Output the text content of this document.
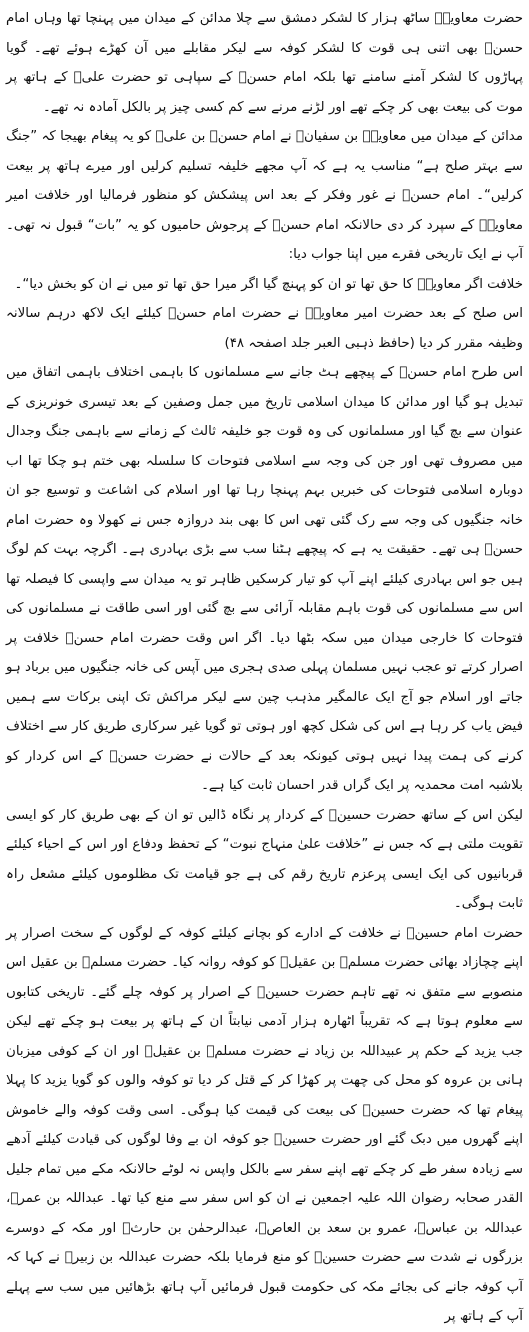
حضرت معاویہؓ ساٹھ ہزار کا لشکر دمشق سے چلا مدائن کے میدان میں پہنچا تھا وہاں امام حسنؓ بھی اتنی ہی قوت کا لشکر کوفہ سے لیکر مقابلے میں آن کھڑے ہوئے تھے۔ گویا پہاڑوں کا لشکر آمنے سامنے تھا بلکہ امام حسنؓ کے سپاہی تو حضرت علیؓ کے ہاتھ پر موت کی بیعت بھی کر چکے تھے اور لڑنے مرنے سے کم کسی چیز پر بالکل آمادہ نہ تھے۔

مدائن کے میدان میں معاویہؓ بن سفیانؓ نے امام حسنؓ بن علیؓ کو یہ پیغام بھیجا کہ ”جنگ سے بہتر صلح ہے“ مناسب یہ ہے کہ آپ مجھے خلیفہ تسلیم کرلیں اور میرے ہاتھ پر بیعت کرلیں“۔ امام حسنؓ نے غور وفکر کے بعد اس پیشکش کو منظور فرمالیا اور خلافت امیر معاویہؓ کے سپرد کر دی حالانکہ امام حسنؓ کے پرجوش حامیوں کو یہ ”بات“ قبول نہ تھی۔ آپ نے ایک تاریخی فقرے میں اپنا جواب دیا:

خلافت اگر معاویہؓ کا حق تھا تو ان کو پہنچ گیا اگر میرا حق تھا تو میں نے ان کو بخش دیا“۔

اس صلح کے بعد حضرت امیر معاویہؓ نے حضرت امام حسنؓ کیلئے ایک لاکھ درہم سالانہ وظیفہ مقرر کر دیا (حافظ ذہبی العبر جلد اصفحہ ۴۸)

اس طرح امام حسنؓ کے پیچھے ہٹ جانے سے مسلمانوں کا باہمی اختلاف باہمی اتفاق میں تبدیل ہو گیا اور مدائن کا میدان اسلامی تاریخ میں جمل وصفین کے بعد تیسری خونریزی کے عنوان سے بچ گیا اور مسلمانوں کی وہ قوت جو خلیفہ ثالث کے زمانے سے باہمی جنگ وجدال میں مصروف تھی اور جن کی وجہ سے اسلامی فتوحات کا سلسلہ بھی ختم ہو چکا تھا اب دوبارہ اسلامی فتوحات کی خبریں بہم پہنچا رہا تھا اور اسلام کی اشاعت و توسیع جو ان خانہ جنگیوں کی وجہ سے رک گئی تھی اس کا بھی بند دروازہ جس نے کھولا وہ حضرت امام حسنؓ ہی تھے۔ حقیقت یہ ہے کہ پیچھے ہٹنا سب سے بڑی بہادری ہے۔ اگرچہ بہت کم لوگ ہیں جو اس بہادری کیلئے اپنے آپ کو تیار کرسکیں ظاہر تو یہ میدان سے واپسی کا فیصلہ تھا اس سے مسلمانوں کی قوت باہم مقابلہ آرائی سے بچ گئی اور اسی طاقت نے مسلمانوں کی فتوحات کا خارجی میدان میں سکہ بٹھا دیا۔ اگر اس وقت حضرت امام حسنؓ خلافت پر اصرار کرتے تو عجب نہیں مسلمان پہلی صدی ہجری میں آپس کی خانہ جنگیوں میں برباد ہو جاتے اور اسلام جو آج ایک عالمگیر مذہب چین سے لیکر مراکش تک اپنی برکات سے ہمیں فیض یاب کر رہا ہے اس کی شکل کچھ اور ہوتی تو گویا غیر سرکاری طریق کار سے اختلاف کرنے کی ہمت پیدا نہیں ہوتی کیونکہ بعد کے حالات نے حضرت حسنؓ کے اس کردار کو بلاشبہ امت محمدیہ پر ایک گراں قدر احسان ثابت کیا ہے۔

لیکن اس کے ساتھ حضرت حسینؓ کے کردار پر نگاہ ڈالیں تو ان کے بھی طریق کار کو ایسی تقویت ملتی ہے کہ جس نے ”خلافت علیٰ منہاج نبوت“ کے تحفظ ودفاع اور اس کے احیاء کیلئے قربانیوں کی ایک ایسی پرعزم تاریخ رقم کی ہے جو قیامت تک مظلوموں کیلئے مشعل راہ ثابت ہوگی۔

حضرت امام حسینؓ نے خلافت کے ادارے کو بچانے کیلئے کوفہ کے لوگوں کے سخت اصرار پر اپنے چچازاد بھائی حضرت مسلمؓ بن عقیلؓ کو کوفہ روانہ کیا۔ حضرت مسلمؓ بن عقیل اس منصوبے سے متفق نہ تھے تاہم حضرت حسینؓ کے اصرار پر کوفہ چلے گئے۔ تاریخی کتابوں سے معلوم ہوتا ہے کہ تقریباً اٹھارہ ہزار آدمی نیابتاً ان کے ہاتھ پر بیعت ہو چکے تھے لیکن جب یزید کے حکم پر عبیداللہ بن زیاد نے حضرت مسلمؓ بن عقیلؓ اور ان کے کوفی میزبان ہانی بن عروہ کو محل کی چھت پر کھڑا کر کے قتل کر دیا تو کوفہ والوں کو گویا یزید کا پہلا پیغام تھا کہ حضرت حسینؓ کی بیعت کی قیمت کیا ہوگی۔ اسی وقت کوفہ والے خاموش اپنے گھروں میں دبک گئے اور حضرت حسینؓ جو کوفہ ان بے وفا لوگوں کی قیادت کیلئے آدھے سے زیادہ سفر طے کر چکے تھے اپنے سفر سے بالکل واپس نہ لوٹے حالانکہ مکے میں تمام جلیل القدر صحابہ رضوان اللہ علیہ اجمعین نے ان کو اس سفر سے منع کیا تھا۔ عبداللہ بن عمرؓ، عبداللہ بن عباسؓ، عمرو بن سعد بن العاصؓ، عبدالرحمٰن بن حارثؓ اور مکہ کے دوسرے بزرگوں نے شدت سے حضرت حسینؓ کو منع فرمایا بلکہ حضرت عبداللہ بن زبیرؓ نے کہا کہ آپ کوفہ جانے کی بجائے مکہ کی حکومت قبول فرمائیں آپ ہاتھ بڑھائیں میں سب سے پہلے آپ کے ہاتھ پر
